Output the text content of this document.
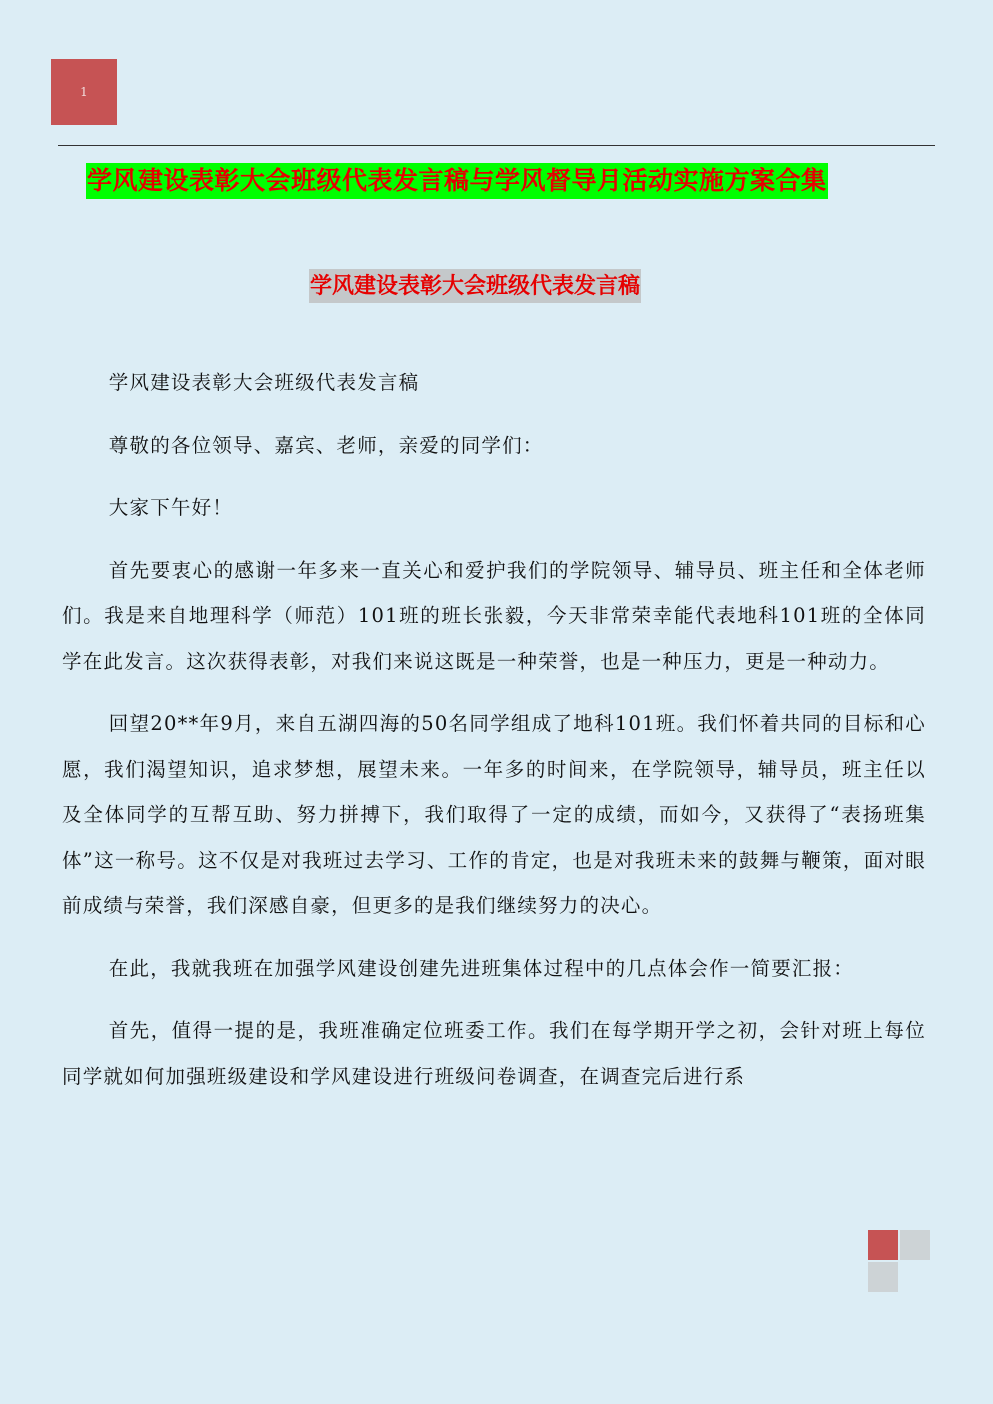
1
学风建设表彰大会班级代表发言稿与学风督导月活动实施方案合集
学风建设表彰大会班级代表发言稿

学风建设表彰大会班级代表发言稿

尊敬的各位领导、嘉宾、老师，亲爱的同学们：

大家下午好！

首先要衷心的感谢一年多来一直关心和爱护我们的学院领导、辅导员、班主任和全体老师们。我是来自地理科学（师范）101班的班长张毅，今天非常荣幸能代表地科101班的全体同学在此发言。这次获得表彰，对我们来说这既是一种荣誉，也是一种压力，更是一种动力。

回望20**年9月，来自五湖四海的50名同学组成了地科101班。我们怀着共同的目标和心愿，我们渴望知识，追求梦想，展望未来。一年多的时间来，在学院领导，辅导员，班主任以及全体同学的互帮互助、努力拼搏下，我们取得了一定的成绩，而如今，又获得了“表扬班集体”这一称号。这不仅是对我班过去学习、工作的肯定，也是对我班未来的鼓舞与鞭策，面对眼前成绩与荣誉，我们深感自豪，但更多的是我们继续努力的决心。

在此，我就我班在加强学风建设创建先进班集体过程中的几点体会作一简要汇报：

首先，值得一提的是，我班准确定位班委工作。我们在每学期开学之初，会针对班上每位同学就如何加强班级建设和学风建设进行班级问卷调查，在调查完后进行系
